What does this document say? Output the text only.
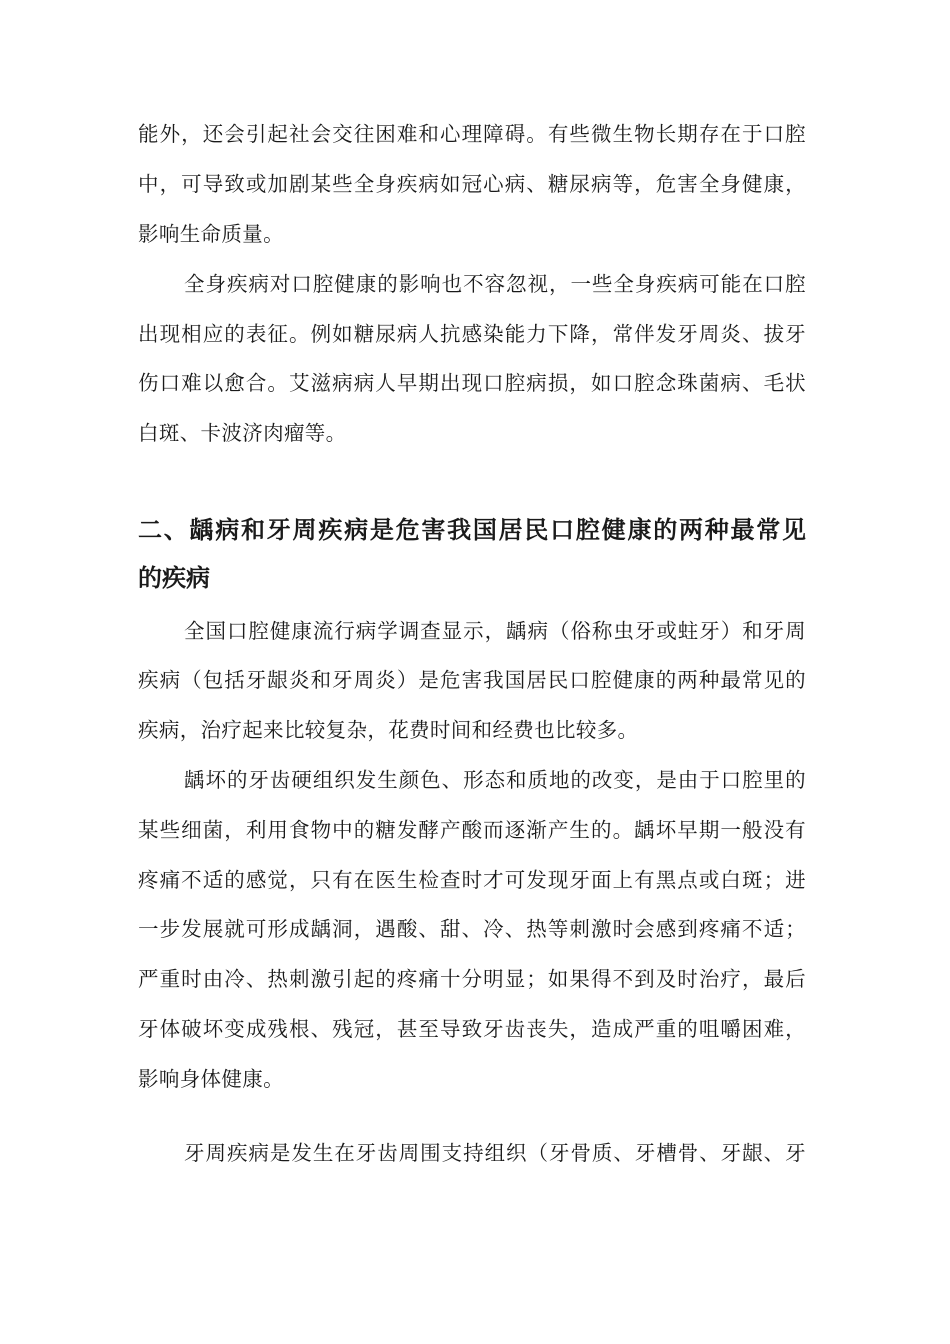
能外，还会引起社会交往困难和心理障碍。有些微生物长期存在于口腔

中，可导致或加剧某些全身疾病如冠心病、糖尿病等，危害全身健康，

影响生命质量。

全身疾病对口腔健康的影响也不容忽视，一些全身疾病可能在口腔

出现相应的表征。例如糖尿病人抗感染能力下降，常伴发牙周炎、拔牙

伤口难以愈合。艾滋病病人早期出现口腔病损，如口腔念珠菌病、毛状

白斑、卡波济肉瘤等。

二、龋病和牙周疾病是危害我国居民口腔健康的两种最常见
的疾病

全国口腔健康流行病学调查显示，龋病（俗称虫牙或蛀牙）和牙周

疾病（包括牙龈炎和牙周炎）是危害我国居民口腔健康的两种最常见的

疾病，治疗起来比较复杂，花费时间和经费也比较多。

龋坏的牙齿硬组织发生颜色、形态和质地的改变，是由于口腔里的

某些细菌，利用食物中的糖发酵产酸而逐渐产生的。龋坏早期一般没有

疼痛不适的感觉，只有在医生检查时才可发现牙面上有黑点或白斑；进

一步发展就可形成龋洞，遇酸、甜、冷、热等刺激时会感到疼痛不适；

严重时由冷、热刺激引起的疼痛十分明显；如果得不到及时治疗，最后

牙体破坏变成残根、残冠，甚至导致牙齿丧失，造成严重的咀嚼困难，

影响身体健康。

牙周疾病是发生在牙齿周围支持组织（牙骨质、牙槽骨、牙龈、牙
